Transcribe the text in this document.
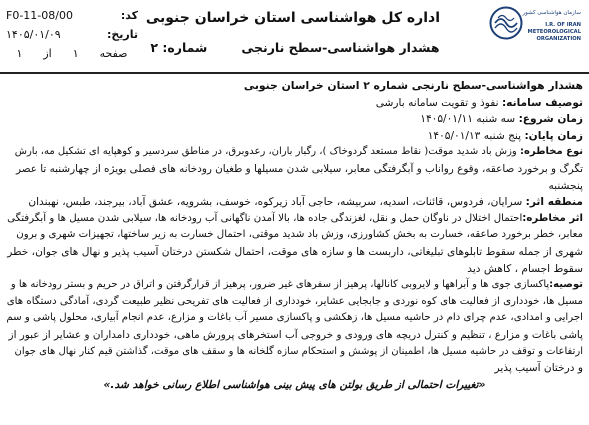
سازمان هواشناسی کشور
I.R. OF IRAN
METEOROLOGICAL
ORGANIZATION
اداره کل هواشناسی استان خراسان جنوبی
هشدار هواشناسی-سطح نارنجیشماره: ۲
کد:
F0-11-08/00
تاریخ:
۱۴۰۵/۰۱/۰۹
صفحه
۱
از
۱
هشدار هواشناسی-سطح نارنجی شماره ۲ استان خراسان جنوبی
توصیف سامانه: نفوذ و تقویت سامانه بارشی
زمان شروع: سه شنبه ۱۴۰۵/۰۱/۱۱
زمان پایان: پنج شنبه ۱۴۰۵/۰۱/۱۳
نوع مخاطره: وزش باد شدید موقت( نقاط مستعد گردوخاک )، رگبار باران، رعدوبرق، در مناطق سردسیر و کوهپایه ای تشکیل مه، بارش
تگرگ و برخورد صاعقه، وقوع رواناب و آبگرفتگی معابر، سیلابی شدن مسیلها و طغیان رودخانه های فصلی بویژه از چهارشنبه تا عصر
پنجشنبه
منطقه اثر: سرایان، فردوس، قائنات، اسدیه، سربیشه، حاجی آباد زیرکوه، خوسف، بشرویه، عشق آباد، بیرجند، طبس، نهبندان
اثر مخاطره:احتمال اختلال در ناوگان حمل و نقل، لغزندگی جاده ها، بالا آمدن ناگهانی آب رودخانه ها، سیلابی شدن مسیل ها و آبگرفتگی
معابر، خطر برخورد صاعقه، خسارت به بخش کشاورزی، وزش باد شدید موقتی، احتمال خسارت به زیر ساختها، تجهیزات شهری و برون
شهری از جمله سقوط تابلوهای تبلیغاتی، داربست ها و سازه های موقت، احتمال شکستن درختان آسیب پذیر و نهال های جوان، خطر
سقوط اجسام ، کاهش دید
توصیه:پاکسازی جوی ها و آبراهها و لایروبی کانالها، پرهیز از سفرهای غیر ضرور، پرهیز از قرارگرفتن و اتراق در حریم و بستر رودخانه ها و
مسیل ها، خودداری از فعالیت های کوه نوردی و جابجایی عشایر، خودداری از فعالیت های تفریحی نظیر طبیعت گردی، آمادگی دستگاه های
اجرایی و امدادی، عدم چرای دام در حاشیه مسیل ها، زهکشی و پاکسازی مسیر آب باغات و مزارع، عدم انجام آبیاری، محلول پاشی و سم
پاشی باغات و مزارع ، تنظیم و کنترل دریچه های ورودی و خروجی آب استخرهای پرورش ماهی، خودداری دامداران و عشایر از عبور از
ارتفاعات و توقف در حاشیه مسیل ها، اطمینان از پوشش و استحکام سازه گلخانه ها و سقف های موقت، گذاشتن قیم کنار نهال های جوان
و درختان آسیب پذیر
«تغییرات احتمالی از طریق بولتن های پیش بینی هواشناسی اطلاع رسانی خواهد شد.»
